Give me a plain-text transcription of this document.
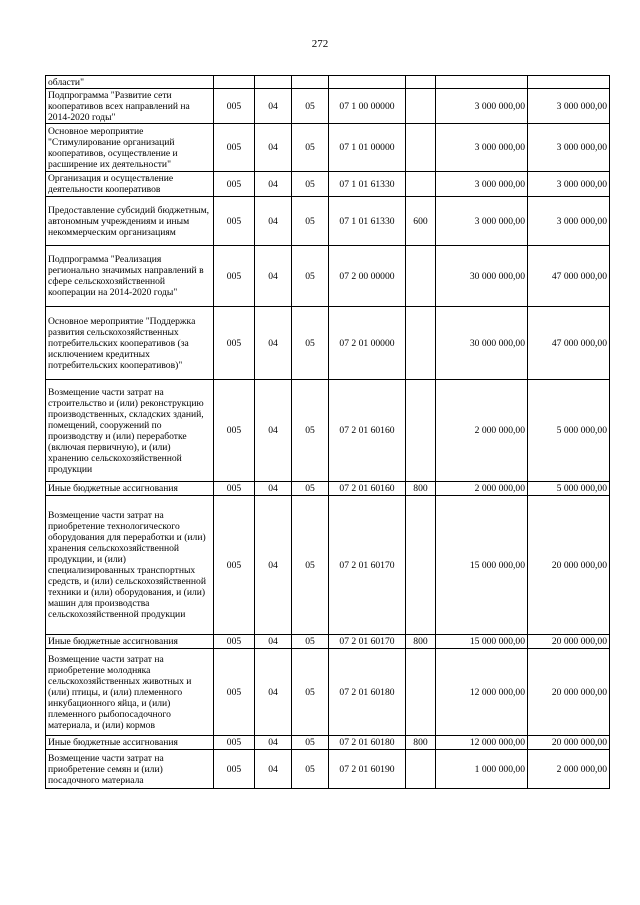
272
области"							
Подпрограмма "Развитие сети кооперативов всех направлений на 2014-2020 годы"	005	04	05	07 1 00 00000		3 000 000,00	3 000 000,00
Основное мероприятие "Стимулирование организаций кооперативов, осуществление и расширение их деятельности"	005	04	05	07 1 01 00000		3 000 000,00	3 000 000,00
Организация и осуществление деятельности кооперативов	005	04	05	07 1 01 61330		3 000 000,00	3 000 000,00
Предоставление субсидий бюджетным, автономным учреждениям и иным некоммерческим организациям	005	04	05	07 1 01 61330	600	3 000 000,00	3 000 000,00
Подпрограмма "Реализация регионально значимых направлений в сфере сельскохозяйственной кооперации на 2014-2020 годы"	005	04	05	07 2 00 00000		30 000 000,00	47 000 000,00
Основное мероприятие "Поддержка развития сельскохозяйственных потребительских кооперативов (за исключением кредитных потребительских кооперативов)"	005	04	05	07 2 01 00000		30 000 000,00	47 000 000,00
Возмещение части затрат на строительство и (или) реконструкцию производственных, складских зданий, помещений, сооружений по производству и (или) переработке (включая первичную), и (или) хранению сельскохозяйственной продукции	005	04	05	07 2 01 60160		2 000 000,00	5 000 000,00
Иные бюджетные ассигнования	005	04	05	07 2 01 60160	800	2 000 000,00	5 000 000,00
Возмещение части затрат на приобретение технологического оборудования для переработки и (или) хранения сельскохозяйственной продукции, и (или) специализированных транспортных средств, и (или) сельскохозяйственной техники и (или) оборудования, и (или) машин для производства сельскохозяйственной продукции	005	04	05	07 2 01 60170		15 000 000,00	20 000 000,00
Иные бюджетные ассигнования	005	04	05	07 2 01 60170	800	15 000 000,00	20 000 000,00
Возмещение части затрат на приобретение молодняка сельскохозяйственных животных и (или) птицы, и (или) племенного инкубационного яйца, и (или) племенного рыбопосадочного материала, и (или) кормов	005	04	05	07 2 01 60180		12 000 000,00	20 000 000,00
Иные бюджетные ассигнования	005	04	05	07 2 01 60180	800	12 000 000,00	20 000 000,00
Возмещение части затрат на приобретение семян и (или) посадочного материала	005	04	05	07 2 01 60190		1 000 000,00	2 000 000,00
